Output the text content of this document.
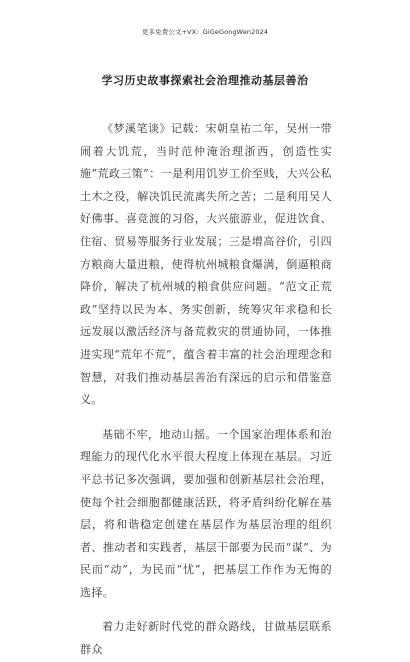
更多免费公文+VX：GiGeGongWen2024
学习历史故事探索社会治理推动基层善治

《梦溪笔谈》记载：宋朝皇祐二年，吴州一带闹着大饥荒，当时范仲淹治理浙西，创造性实施“荒政三策”：一是利用饥岁工价至贱，大兴公私土木之役，解决饥民流离失所之苦；二是利用吴人好佛事、喜竞渡的习俗，大兴旅游业，促进饮食、住宿、贸易等服务行业发展；三是增高谷价，引四方粮商大量进粮，使得杭州城粮食爆满，倒逼粮商降价，解决了杭州城的粮食供应问题。“范文正荒政”坚持以民为本、务实创新，统筹灾年求稳和长远发展以激活经济与备荒救灾的贯通协同，一体推进实现“荒年不荒”，蕴含着丰富的社会治理理念和智慧，对我们推动基层善治有深远的启示和借鉴意义。

基础不牢，地动山摇。一个国家治理体系和治理能力的现代化水平很大程度上体现在基层。习近平总书记多次强调，要加强和创新基层社会治理，使每个社会细胞都健康活跃，将矛盾纠纷化解在基层，将和谐稳定创建在基层作为基层治理的组织者、推动者和实践者，基层干部要为民而“谋”、为民而“动”，为民而“忧”，把基层工作作为无悔的选择。

着力走好新时代党的群众路线，甘做基层联系群众
